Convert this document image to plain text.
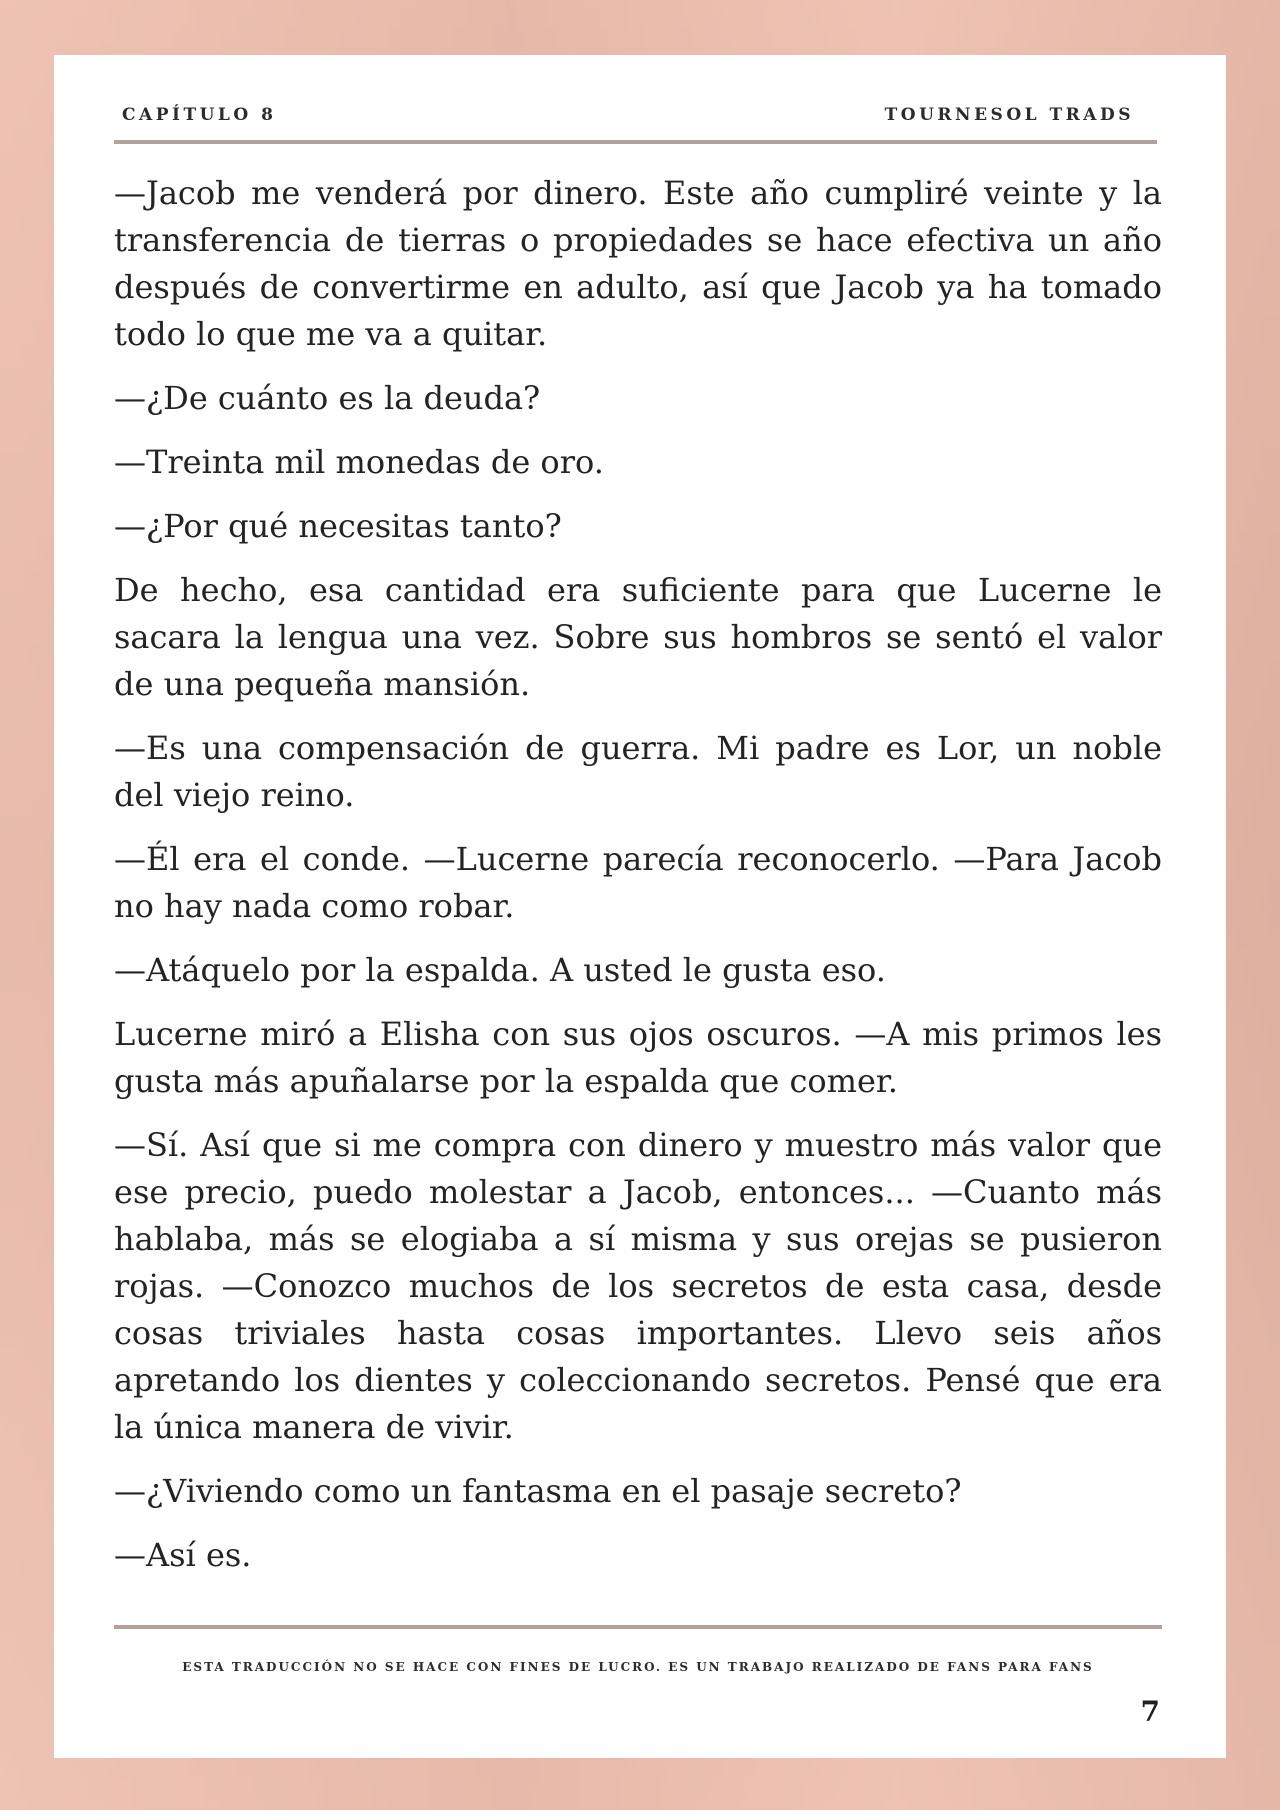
CAPÍTULO 8	TOURNESOL TRADS

—Jacob me venderá por dinero. Este año cumpliré veinte y la transferencia de tierras o propiedades se hace efectiva un año después de convertirme en adulto, así que Jacob ya ha tomado todo lo que me va a quitar.

—¿De cuánto es la deuda?

—Treinta mil monedas de oro.

—¿Por qué necesitas tanto?

De hecho, esa cantidad era suficiente para que Lucerne le sacara la lengua una vez. Sobre sus hombros se sentó el valor de una pequeña mansión.

—Es una compensación de guerra. Mi padre es Lor, un noble del viejo reino.

—Él era el conde. —Lucerne parecía reconocerlo. —Para Jacob no hay nada como robar.

—Atáquelo por la espalda. A usted le gusta eso.

Lucerne miró a Elisha con sus ojos oscuros. —A mis primos les gusta más apuñalarse por la espalda que comer.

—Sí. Así que si me compra con dinero y muestro más valor que ese precio, puedo molestar a Jacob, entonces... —Cuanto más hablaba, más se elogiaba a sí misma y sus orejas se pusieron rojas. —Conozco muchos de los secretos de esta casa, desde cosas triviales hasta cosas importantes. Llevo seis años apretando los dientes y coleccionando secretos. Pensé que era la única manera de vivir.

—¿Viviendo como un fantasma en el pasaje secreto?

—Así es.

ESTA TRADUCCIÓN NO SE HACE CON FINES DE LUCRO. ES UN TRABAJO REALIZADO DE FANS PARA FANS
7
